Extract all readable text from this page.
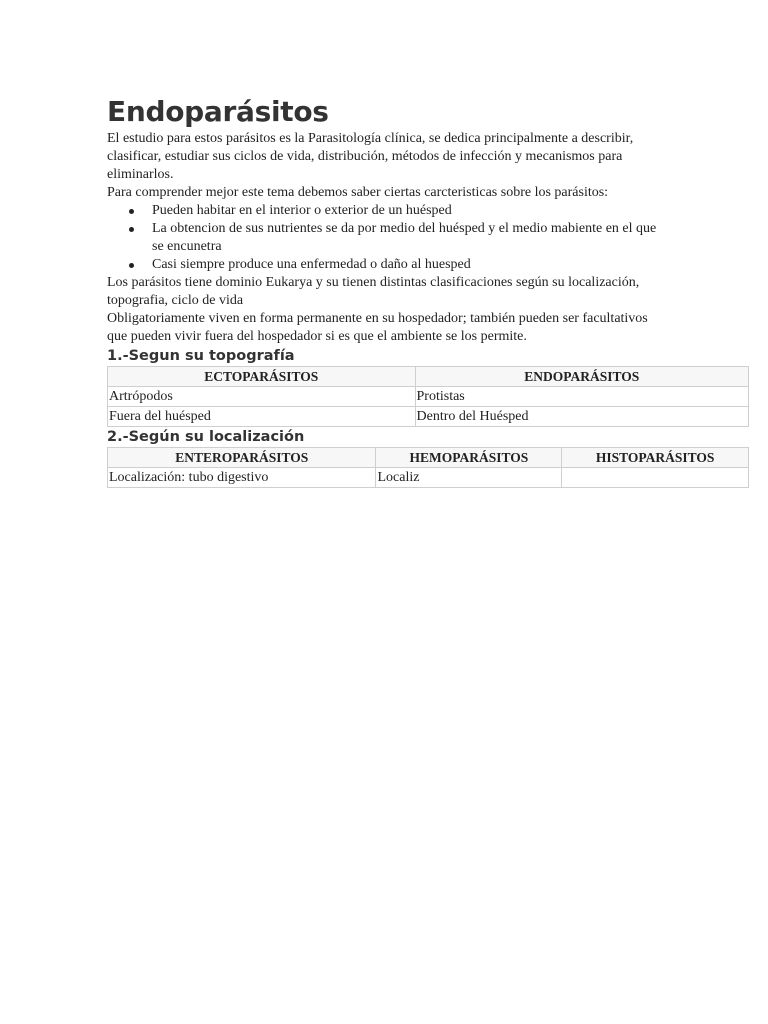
Endoparásitos

El estudio para estos parásitos es la Parasitología clínica, se dedica principalmente a describir, clasificar, estudiar sus ciclos de vida, distribución, métodos de infección y mecanismos para eliminarlos.

Para comprender mejor este tema debemos saber ciertas carcteristicas sobre los parásitos:

Pueden habitar en el interior o exterior de un huésped
La obtencion de sus nutrientes se da por medio del huésped y el medio mabiente en el que se encunetra
Casi siempre produce una enfermedad o daño al huesped

Los parásitos tiene dominio Eukarya y su tienen distintas clasificaciones según su localización, topografia, ciclo de vida

Obligatoriamente viven en forma permanente en su hospedador; también pueden ser facultativos que pueden vivir fuera del hospedador si es que el ambiente se los permite.

1.-Segun su topografía
ECTOPARÁSITOS	ENDOPARÁSITOS
Artrópodos	Protistas
Fuera del huésped	Dentro del Huésped
2.-Según su localización
ENTEROPARÁSITOS	HEMOPARÁSITOS	HISTOPARÁSITOS
Localización: tubo digestivo	Localiz	
